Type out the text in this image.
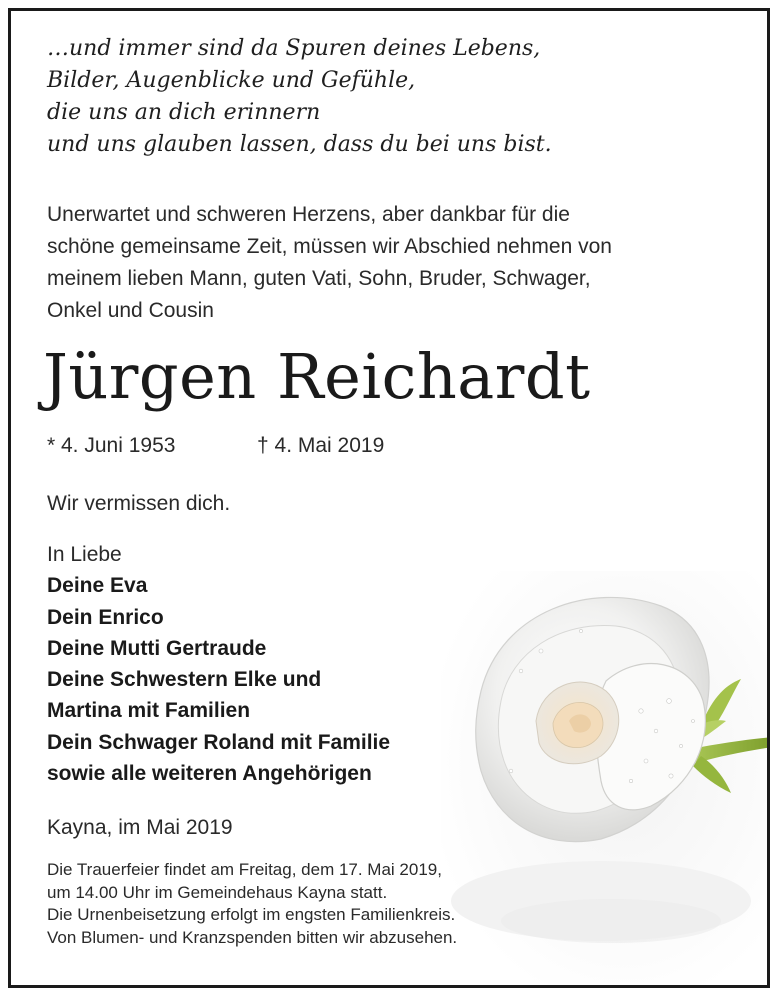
…und immer sind da Spuren deines Lebens,
Bilder, Augenblicke und Gefühle,
die uns an dich erinnern
und uns glauben lassen, dass du bei uns bist.
Unerwartet und schweren Herzens, aber dankbar für die
schöne gemeinsame Zeit, müssen wir Abschied nehmen von
meinem lieben Mann, guten Vati, Sohn, Bruder, Schwager,
Onkel und Cousin
Jürgen Reichardt
* 4. Juni 1953	† 4. Mai 2019
Wir vermissen dich.
In Liebe
Deine Eva
Dein Enrico
Deine Mutti Gertraude
Deine Schwestern Elke und
Martina mit Familien
Dein Schwager Roland mit Familie
sowie alle weiteren Angehörigen
Kayna, im Mai 2019
Die Trauerfeier findet am Freitag, dem 17. Mai 2019,
um 14.00 Uhr im Gemeindehaus Kayna statt.
Die Urnenbeisetzung erfolgt im engsten Familienkreis.
Von Blumen- und Kranzspenden bitten wir abzusehen.
